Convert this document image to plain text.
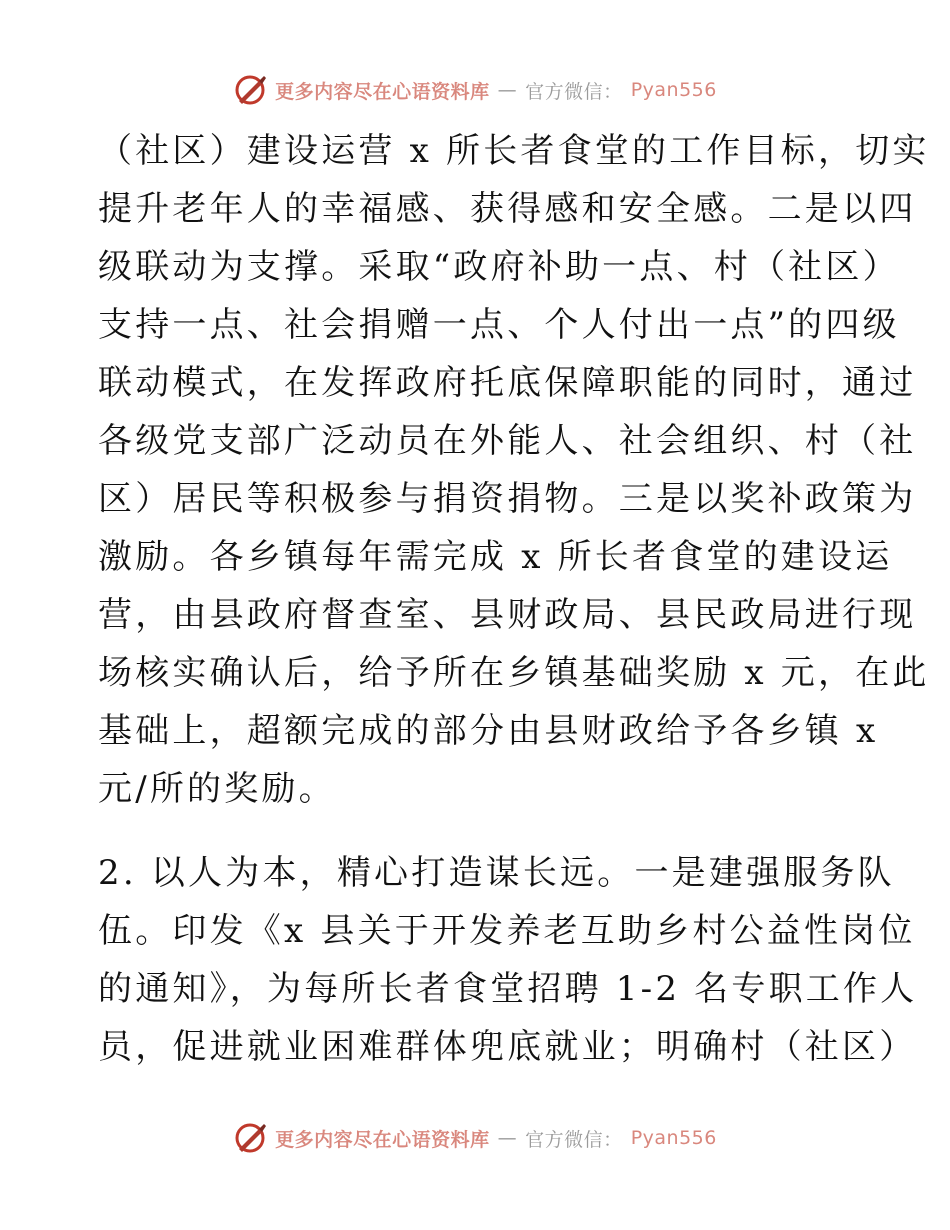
更多内容尽在心语资料库 — 官方微信： Pyan556

（社区）建设运营 x 所长者食堂的工作目标，切实
提升老年人的幸福感、获得感和安全感。二是以四
级联动为支撑。采取“政府补助一点、村（社区）
支持一点、社会捐赠一点、个人付出一点”的四级
联动模式，在发挥政府托底保障职能的同时，通过
各级党支部广泛动员在外能人、社会组织、村（社
区）居民等积极参与捐资捐物。三是以奖补政策为
激励。各乡镇每年需完成 x 所长者食堂的建设运
营，由县政府督查室、县财政局、县民政局进行现
场核实确认后，给予所在乡镇基础奖励 x 元，在此
基础上，超额完成的部分由县财政给予各乡镇 x
元/所的奖励。

2. 以人为本，精心打造谋长远。一是建强服务队
伍。印发《x 县关于开发养老互助乡村公益性岗位
的通知》，为每所长者食堂招聘 1-2 名专职工作人
员，促进就业困难群体兜底就业；明确村（社区）

更多内容尽在心语资料库 — 官方微信： Pyan556
